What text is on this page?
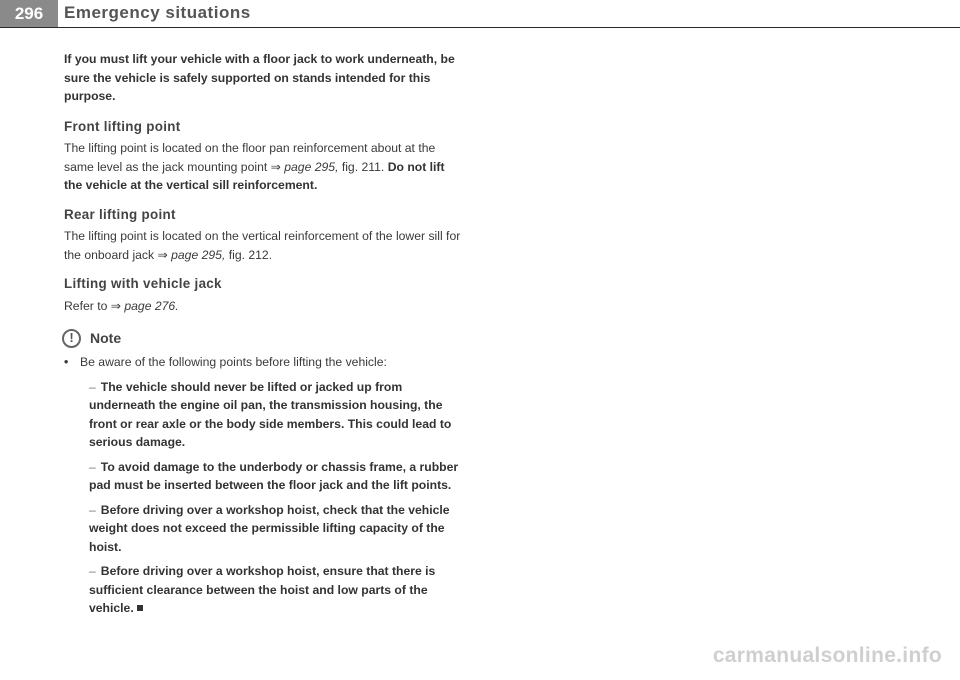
296	Emergency situations

If you must lift your vehicle with a floor jack to work underneath, be sure the vehicle is safely supported on stands intended for this purpose.

Front lifting point

The lifting point is located on the floor pan reinforcement about at the same level as the jack mounting point ⇒ page 295, fig. 211. Do not lift the vehicle at the vertical sill reinforcement.

Rear lifting point

The lifting point is located on the vertical reinforcement of the lower sill for the onboard jack ⇒ page 295, fig. 212.

Lifting with vehicle jack

Refer to ⇒ page 276.

!	Note
• Be aware of the following points before lifting the vehicle:

– The vehicle should never be lifted or jacked up from underneath the engine oil pan, the transmission housing, the front or rear axle or the body side members. This could lead to serious damage.

– To avoid damage to the underbody or chassis frame, a rubber pad must be inserted between the floor jack and the lift points.

– Before driving over a workshop hoist, check that the vehicle weight does not exceed the permissible lifting capacity of the hoist.

– Before driving over a workshop hoist, ensure that there is sufficient clearance between the hoist and low parts of the vehicle.

carmanualsonline.info
